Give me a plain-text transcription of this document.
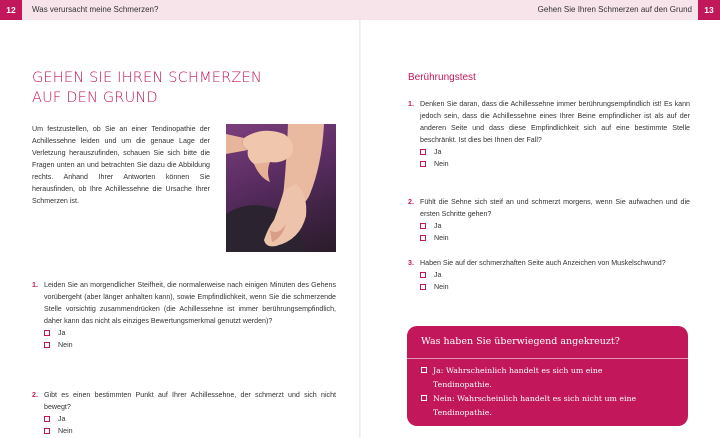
12	Was verursacht meine Schmerzen?	Gehen Sie Ihren Schmerzen auf den Grund	13
GEHEN SIE IHREN SCHMERZEN
AUF DEN GRUND

Um festzustellen, ob Sie an einer Tendinopathie der Achillessehne leiden und um die genaue Lage der Verletzung herauszufinden, schauen Sie sich bitte die Fragen unten an und betrachten Sie dazu die Abbildung rechts. Anhand Ihrer Antworten können Sie herausfinden, ob Ihre Achillessehne die Ursache Ihrer Schmerzen ist.

1. Leiden Sie an morgendlicher Steifheit, die normalerweise nach einigen Minuten des Gehens vorübergeht (aber länger anhalten kann), sowie Empfindlichkeit, wenn Sie die schmerzende Stelle vorsichtig zusammendrücken (die Achillessehne ist immer berührungsempfindlich, daher kann das nicht als einziges Bewertungsmerkmal genutzt werden)?
Ja
Nein
2. Gibt es einen bestimmten Punkt auf Ihrer Achillessehne, der schmerzt und sich nicht bewegt?
Ja
Nein
Berührungstest
1. Denken Sie daran, dass die Achillessehne immer berührungsempfindlich ist! Es kann jedoch sein, dass die Achillessehne eines Ihrer Beine empfindlicher ist als auf der anderen Seite und dass diese Empfindlichkeit sich auf eine bestimmte Stelle beschränkt. Ist dies bei Ihnen der Fall?
Ja
Nein
2. Fühlt die Sehne sich steif an und schmerzt morgens, wenn Sie aufwachen und die ersten Schritte gehen?
Ja
Nein
3. Haben Sie auf der schmerzhaften Seite auch Anzeichen von Muskelschwund?
Ja
Nein
Was haben Sie überwiegend angekreuzt?
Ja: Wahrscheinlich handelt es sich um eine
Tendinopathie.
Nein: Wahrscheinlich handelt es sich nicht um eine
Tendinopathie.
